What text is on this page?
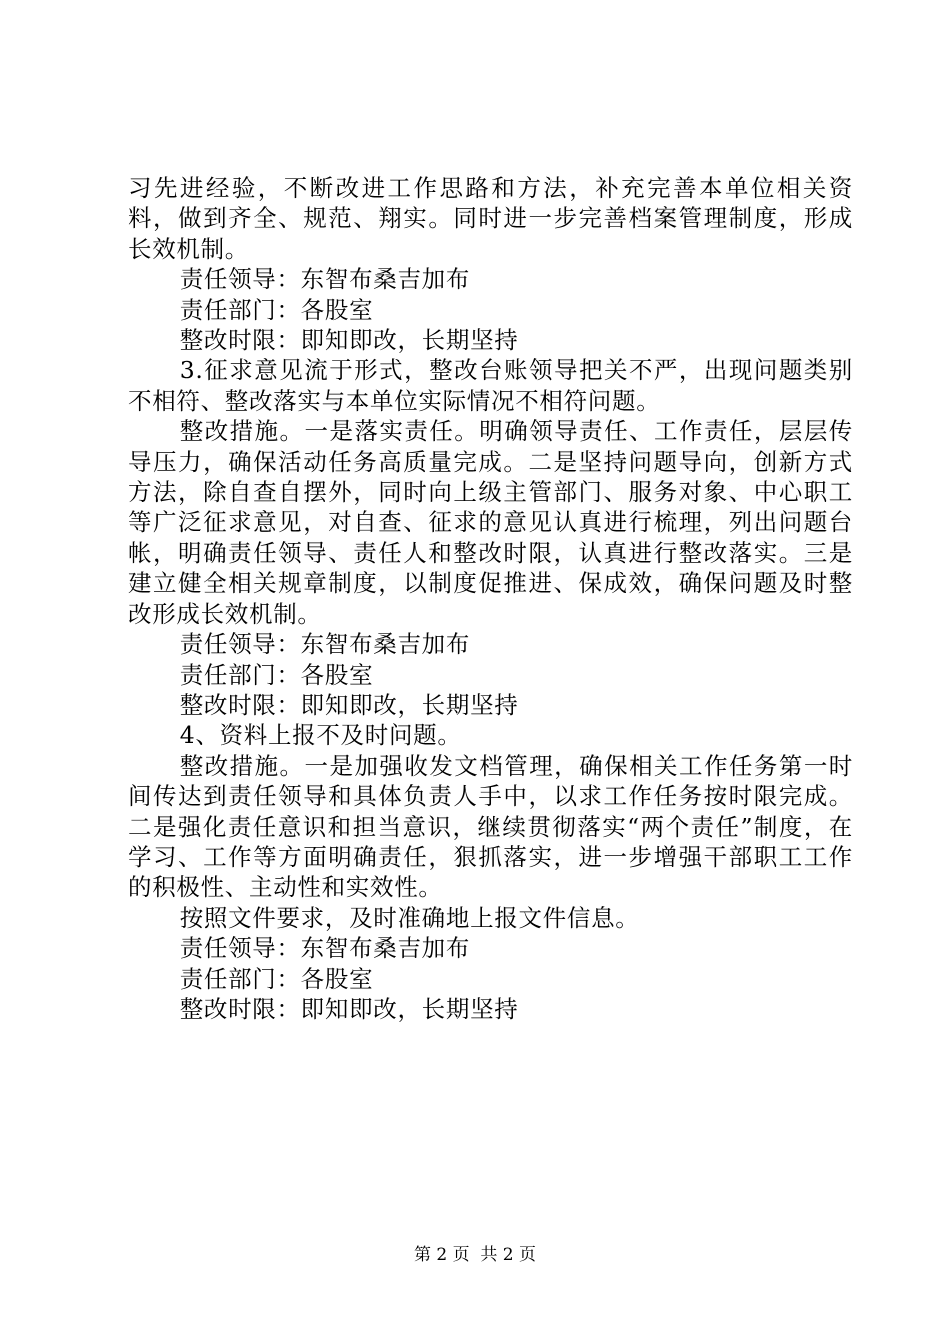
习先进经验，不断改进工作思路和方法，补充完善本单位相关资料，做到齐全、规范、翔实。同时进一步完善档案管理制度，形成长效机制。

责任领导：东智布桑吉加布

责任部门：各股室

整改时限：即知即改，长期坚持

3.征求意见流于形式，整改台账领导把关不严，出现问题类别不相符、整改落实与本单位实际情况不相符问题。

整改措施。一是落实责任。明确领导责任、工作责任，层层传导压力，确保活动任务高质量完成。二是坚持问题导向，创新方式方法，除自查自摆外，同时向上级主管部门、服务对象、中心职工等广泛征求意见，对自查、征求的意见认真进行梳理，列出问题台帐，明确责任领导、责任人和整改时限，认真进行整改落实。三是建立健全相关规章制度，以制度促推进、保成效，确保问题及时整改形成长效机制。

责任领导：东智布桑吉加布

责任部门：各股室

整改时限：即知即改，长期坚持

4、资料上报不及时问题。

整改措施。一是加强收发文档管理，确保相关工作任务第一时间传达到责任领导和具体负责人手中，以求工作任务按时限完成。二是强化责任意识和担当意识，继续贯彻落实“两个责任”制度，在学习、工作等方面明确责任，狠抓落实，进一步增强干部职工工作的积极性、主动性和实效性。

按照文件要求，及时准确地上报文件信息。

责任领导：东智布桑吉加布

责任部门：各股室

整改时限：即知即改，长期坚持

第 2 页  共 2 页
